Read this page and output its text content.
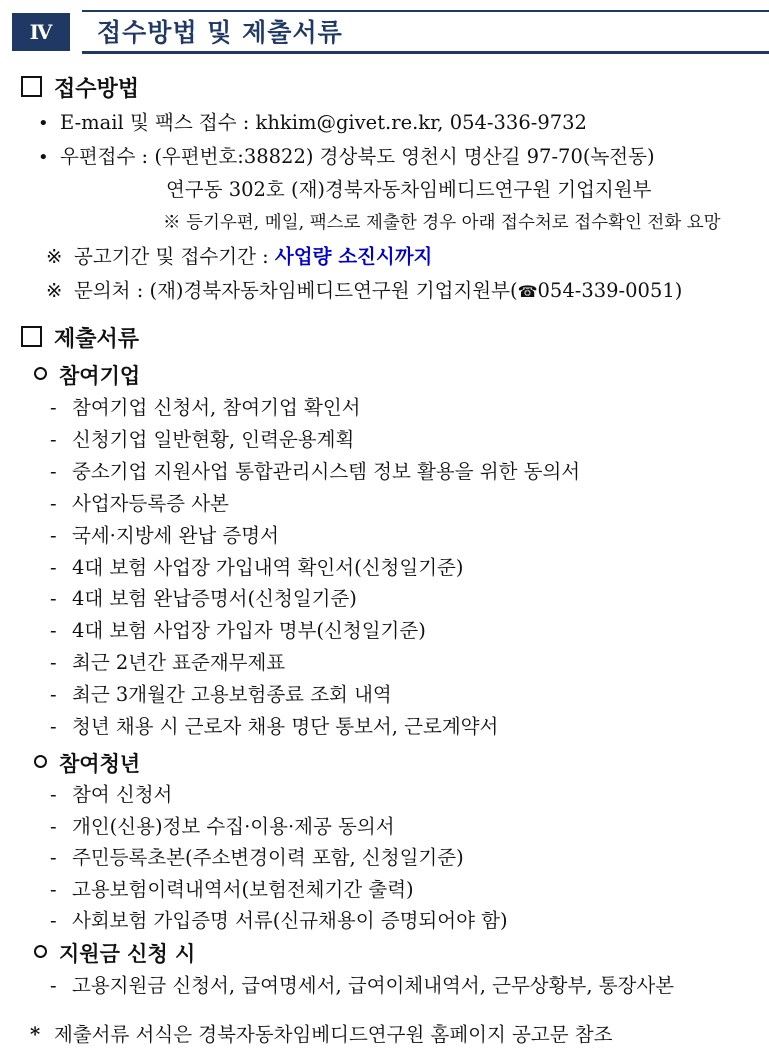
Ⅳ 접수방법 및 제출서류
접수방법
• E-mail 및 팩스 접수 : khkim@givet.re.kr, 054-336-9732
• 우편접수 : (우편번호:38822) 경상북도 영천시 명산길 97-70(녹전동)
연구동 302호 (재)경북자동차임베디드연구원 기업지원부
※ 등기우편, 메일, 팩스로 제출한 경우 아래 접수처로 접수확인 전화 요망
※ 공고기간 및 접수기간 : 사업량 소진시까지
※ 문의처 : (재)경북자동차임베디드연구원 기업지원부(☎054-339-0051)
제출서류
참여기업
- 참여기업 신청서, 참여기업 확인서
- 신청기업 일반현황, 인력운용계획
- 중소기업 지원사업 통합관리시스템 정보 활용을 위한 동의서
- 사업자등록증 사본
- 국세·지방세 완납 증명서
- 4대 보험 사업장 가입내역 확인서(신청일기준)
- 4대 보험 완납증명서(신청일기준)
- 4대 보험 사업장 가입자 명부(신청일기준)
- 최근 2년간 표준재무제표
- 최근 3개월간 고용보험종료 조회 내역
- 청년 채용 시 근로자 채용 명단 통보서, 근로계약서
참여청년
- 참여 신청서
- 개인(신용)정보 수집·이용·제공 동의서
- 주민등록초본(주소변경이력 포함, 신청일기준)
- 고용보험이력내역서(보험전체기간 출력)
- 사회보험 가입증명 서류(신규채용이 증명되어야 함)
지원금 신청 시
- 고용지원금 신청서, 급여명세서, 급여이체내역서, 근무상황부, 통장사본
* 제출서류 서식은 경북자동차임베디드연구원 홈페이지 공고문 참조
